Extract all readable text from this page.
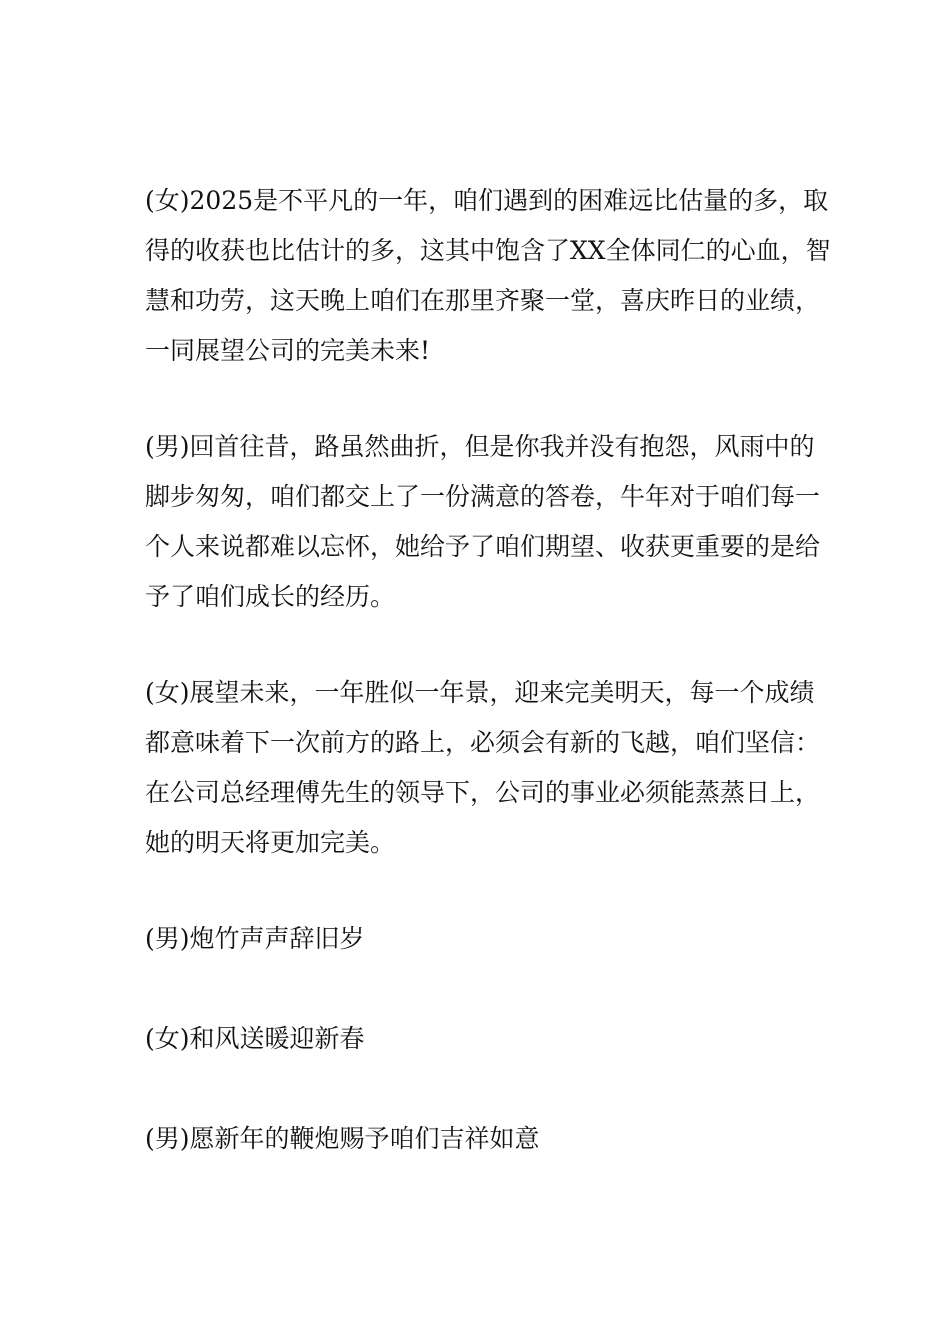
(女)2025是不平凡的一年，咱们遇到的困难远比估量的多，取得的收获也比估计的多，这其中饱含了XX全体同仁的心血，智慧和功劳，这天晚上咱们在那里齐聚一堂，喜庆昨日的业绩，一同展望公司的完美未来!

(男)回首往昔，路虽然曲折，但是你我并没有抱怨，风雨中的脚步匆匆，咱们都交上了一份满意的答卷，牛年对于咱们每一个人来说都难以忘怀，她给予了咱们期望、收获更重要的是给予了咱们成长的经历。

(女)展望未来，一年胜似一年景，迎来完美明天，每一个成绩都意味着下一次前方的路上，必须会有新的飞越，咱们坚信：在公司总经理傅先生的领导下，公司的事业必须能蒸蒸日上，她的明天将更加完美。

(男)炮竹声声辞旧岁

(女)和风送暖迎新春

(男)愿新年的鞭炮赐予咱们吉祥如意
